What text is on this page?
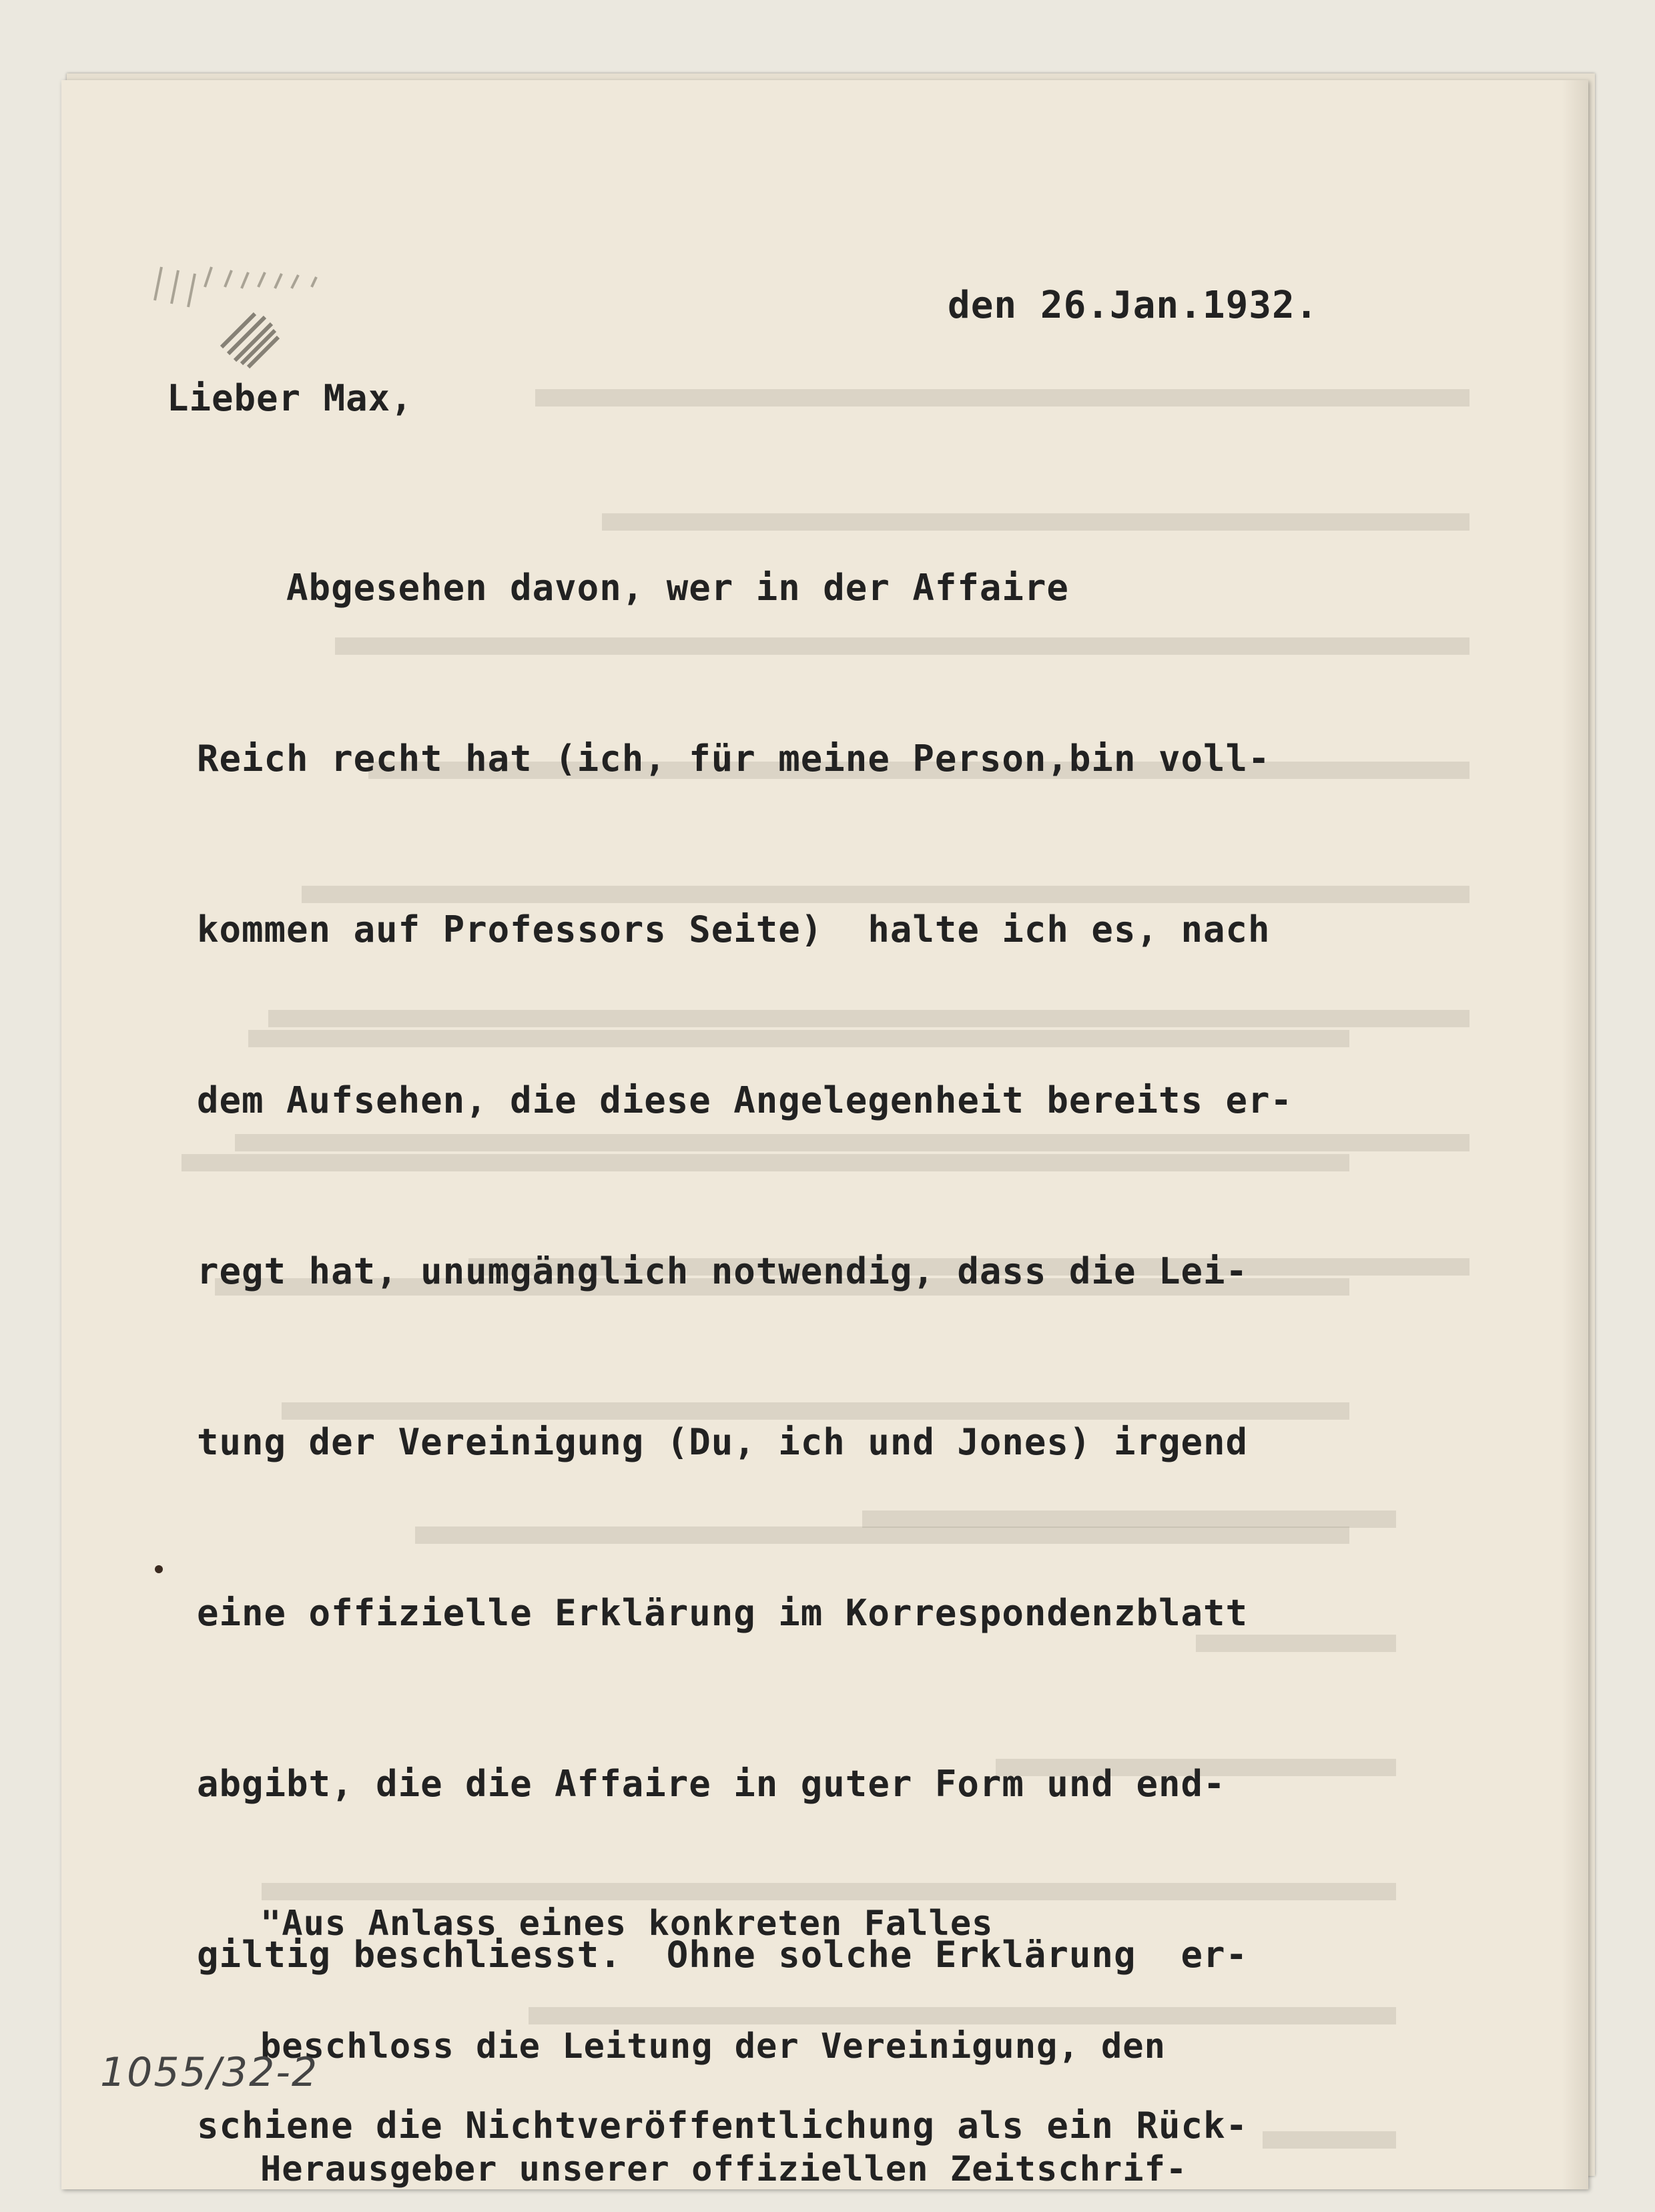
den 26.Jan.1932.
Lieber Max,

Abgesehen davon, wer in der Affaire

Reich recht hat (ich, für meine Person,bin voll-

kommen auf Professors Seite)  halte ich es, nach

dem Aufsehen, die diese Angelegenheit bereits er-

regt hat, unumgänglich notwendig, dass die Lei-

tung der Vereinigung (Du, ich und Jones) irgend

eine offizielle Erklärung im Korrespondenzblatt

abgibt, die die Affaire in guter Form und end-

giltig beschliesst.  Ohne solche Erklärung  er-

schiene die Nichtveröffentlichung als ein Rück-

"Aus Anlass eines konkreten Falles

beschloss die Leitung der Vereinigung, den

Herausgeber unserer offiziellen Zeitschrif-

1055/32-2
